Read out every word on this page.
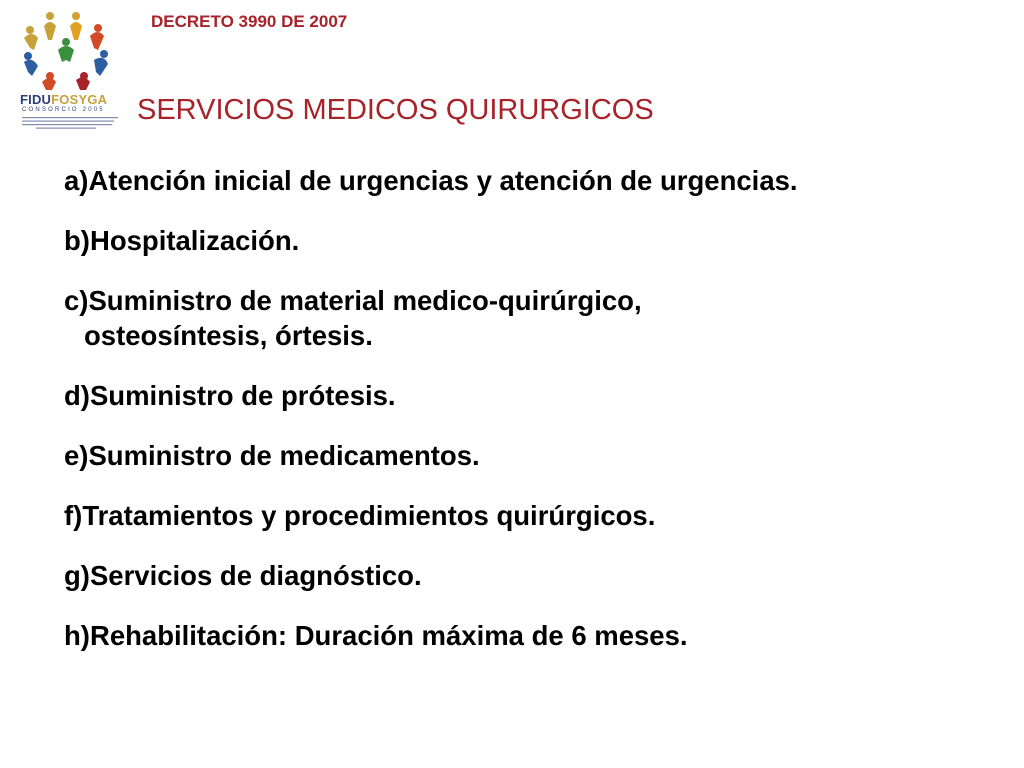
FIDUFOSYGA
CONSORCIO 2005
DECRETO 3990 DE 2007
SERVICIOS MEDICOS QUIRURGICOS
a)Atención inicial de urgencias y atención de urgencias.
b)Hospitalización.
c)Suministro de material medico-quirúrgico, osteosíntesis, órtesis.
d)Suministro de prótesis.
e)Suministro de medicamentos.
f)Tratamientos y procedimientos quirúrgicos.
g)Servicios de diagnóstico.
h)Rehabilitación: Duración máxima de 6 meses.
